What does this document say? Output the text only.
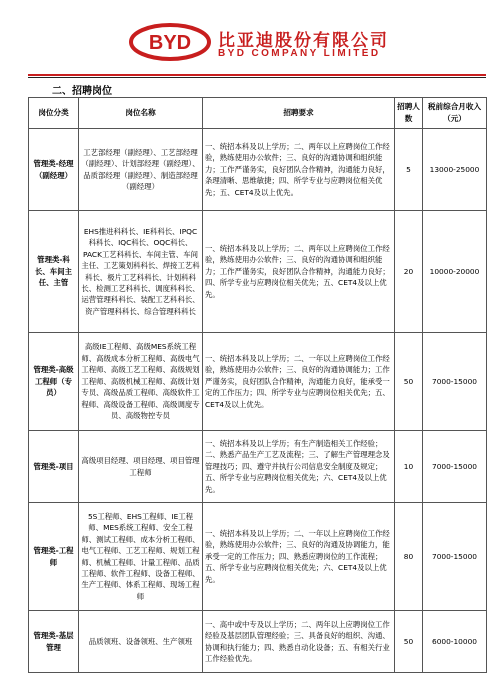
BYD 比亚迪股份有限公司
BYD COMPANY LIMITED
二、招聘岗位
岗位分类	岗位名称	招聘要求	招聘人数	税前综合月收入（元）
管理类-经理（副经理）	工艺部经理（副经理）、工艺部经理（副经理）、计划部经理（副经理）、品质部经理（副经理）、制造部经理（副经理）	一、统招本科及以上学历；二、两年以上应聘岗位工作经验，熟练使用办公软件；三、良好的沟通协调和组织能力；工作严谨务实，良好团队合作精神，沟通能力良好，条理清晰、思维敏捷；四、所学专业与应聘岗位相关优先；五、CET4及以上优先。	5	13000-25000
管理类-科长、车间主任、主管	EHS推进科科长、IE科科长、IPQC科科长、IQC科长、OQC科长、PACK工艺科科长、车间主管、车间主任、工艺策划科科长、焊接工艺科科长、极片工艺科科长、计划科科长、检测工艺科科长、调度科科长、运营管理科科长、装配工艺科科长、资产管理科科长、综合管理科科长	一、统招本科及以上学历；二、两年以上应聘岗位工作经验，熟练使用办公软件；三、良好的沟通协调和组织能力；工作严谨务实，良好团队合作精神，沟通能力良好；四、所学专业与应聘岗位相关优先；五、CET4及以上优先。	20	10000-20000
管理类-高级工程师（专员）	高级IE工程师、高级MES系统工程师、高级成本分析工程师、高级电气工程师、高级工艺工程师、高级规划工程师、高级机械工程师、高级计划专员、高级品质工程师、高级软件工程师、高级设备工程师、高级调度专员、高级物控专员	一、统招本科及以上学历；二、一年以上应聘岗位工作经验，熟练使用办公软件；三、良好的沟通协调能力；工作严谨务实，良好团队合作精神，沟通能力良好，能承受一定的工作压力；四、所学专业与应聘岗位相关优先；五、CET4及以上优先。	50	7000-15000
管理类-项目	高级项目经理、项目经理、项目管理工程师	一、统招本科及以上学历；有生产制造相关工作经验；二、熟悉产品生产工艺及流程；三、了解生产管理理念及管理技巧；四、遵守并执行公司信息安全制度及规定；五、所学专业与应聘岗位相关优先；六、CET4及以上优先。	10	7000-15000
管理类-工程师	5S工程师、EHS工程师、IE工程师、MES系统工程师、安全工程师、测试工程师、成本分析工程师、电气工程师、工艺工程师、规划工程师、机械工程师、计量工程师、品质工程师、软件工程师、设备工程师、生产工程师、体系工程师、现场工程师	一、统招本科及以上学历；二、一年以上应聘岗位工作经验，熟练使用办公软件；三、良好的沟通及协调能力，能承受一定的工作压力；四、熟悉应聘岗位的工作流程；五、所学专业与应聘岗位相关优先；六、CET4及以上优先。	80	7000-15000
管理类-基层管理	品质领班、设备领班、生产领班	一、高中或中专及以上学历；二、两年以上应聘岗位工作经验及基层团队管理经验；三、具备良好的组织、沟通、协调和执行能力；四、熟悉自动化设备；五、有相关行业工作经验优先。	50	6000-10000
